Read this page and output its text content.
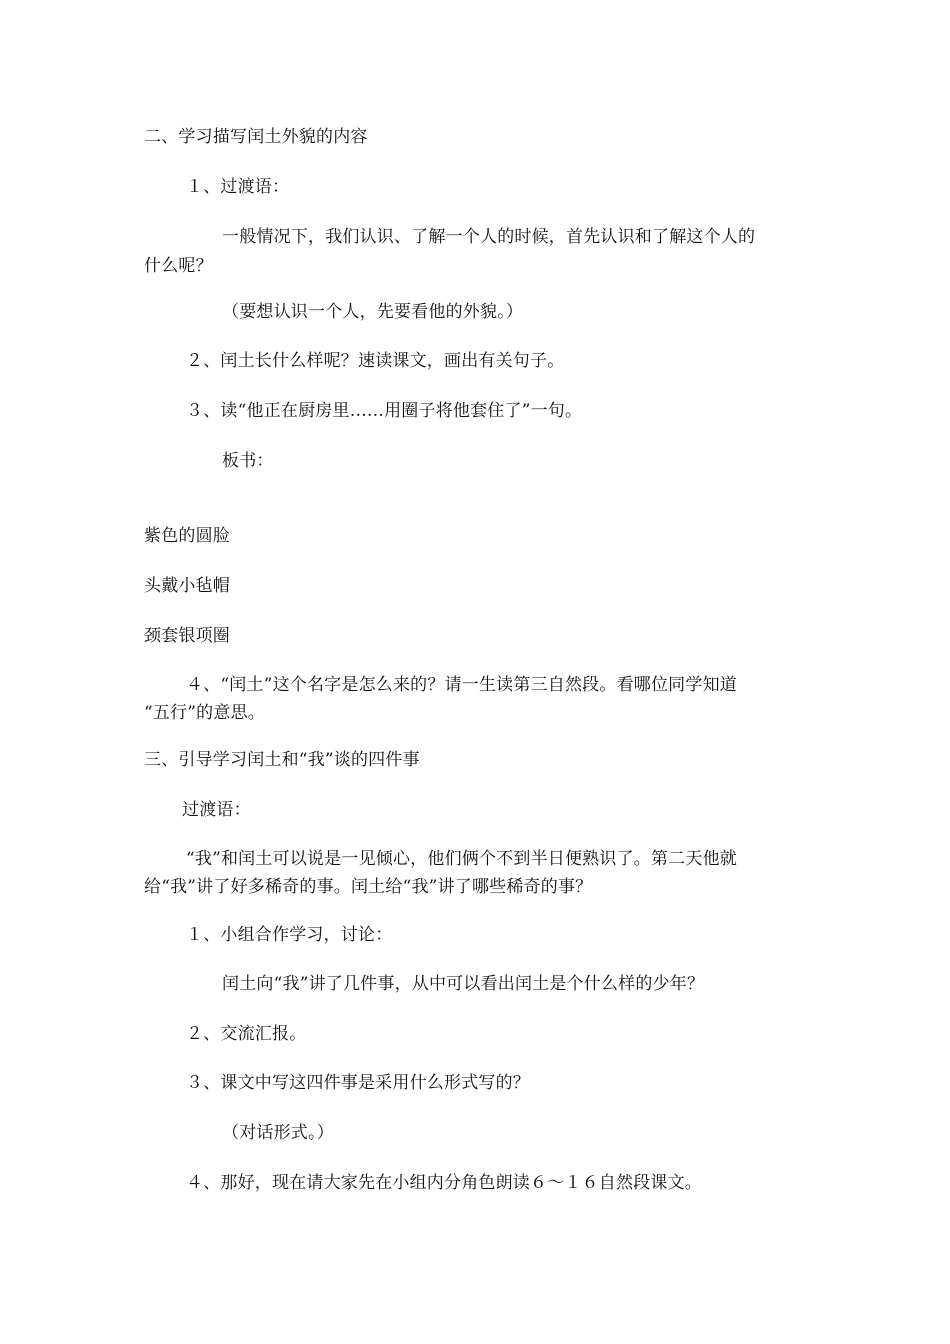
二、学习描写闰土外貌的内容
１、过渡语：
一般情况下，我们认识、了解一个人的时候，首先认识和了解这个人的
什么呢？
（要想认识一个人，先要看他的外貌。）
２、闰土长什么样呢？速读课文，画出有关句子。
３、读“他正在厨房里……用圈子将他套住了”一句。
板书：
紫色的圆脸
头戴小毡帽
颈套银项圈
４、“闰土”这个名字是怎么来的？请一生读第三自然段。看哪位同学知道
“五行”的意思。
三、引导学习闰土和“我”谈的四件事
过渡语：
“我”和闰土可以说是一见倾心，他们俩个不到半日便熟识了。第二天他就
给“我”讲了好多稀奇的事。闰土给“我”讲了哪些稀奇的事？
１、小组合作学习，讨论：
闰土向“我”讲了几件事，从中可以看出闰土是个什么样的少年？
２、交流汇报。
３、课文中写这四件事是采用什么形式写的？
（对话形式。）
４、那好，现在请大家先在小组内分角色朗读６～１６自然段课文。
